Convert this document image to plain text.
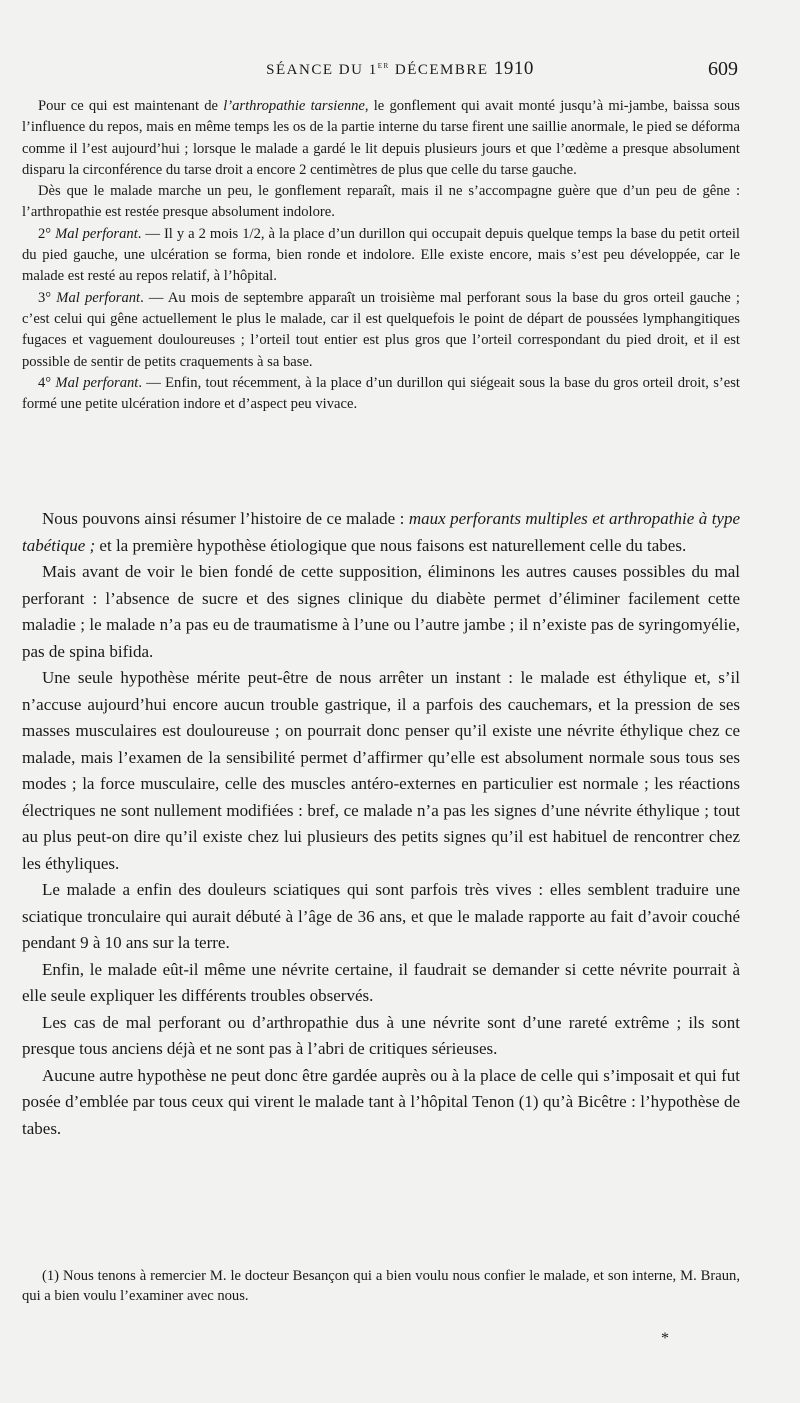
SÉANCE DU 1er DÉCEMBRE 1910	609

Pour ce qui est maintenant de l’arthropathie tarsienne, le gonflement qui avait monté jusqu’à mi-jambe, baissa sous l’influence du repos, mais en même temps les os de la partie interne du tarse firent une saillie anormale, le pied se déforma comme il l’est aujourd’hui ; lorsque le malade a gardé le lit depuis plusieurs jours et que l’œdème a presque absolument disparu la circonférence du tarse droit a encore 2 centimètres de plus que celle du tarse gauche.

Dès que le malade marche un peu, le gonflement reparaît, mais il ne s’accompagne guère que d’un peu de gêne : l’arthropathie est restée presque absolument indolore.

2° Mal perforant. — Il y a 2 mois 1/2, à la place d’un durillon qui occupait depuis quelque temps la base du petit orteil du pied gauche, une ulcération se forma, bien ronde et indolore. Elle existe encore, mais s’est peu développée, car le malade est resté au repos relatif, à l’hôpital.

3° Mal perforant. — Au mois de septembre apparaît un troisième mal perforant sous la base du gros orteil gauche ; c’est celui qui gêne actuellement le plus le malade, car il est quelquefois le point de départ de poussées lymphangitiques fugaces et vaguement douloureuses ; l’orteil tout entier est plus gros que l’orteil correspondant du pied droit, et il est possible de sentir de petits craquements à sa base.

4° Mal perforant. — Enfin, tout récemment, à la place d’un durillon qui siégeait sous la base du gros orteil droit, s’est formé une petite ulcération indore et d’aspect peu vivace.

Nous pouvons ainsi résumer l’histoire de ce malade : maux perforants multiples et arthropathie à type tabétique ; et la première hypothèse étiologique que nous faisons est naturellement celle du tabes.

Mais avant de voir le bien fondé de cette supposition, éliminons les autres causes possibles du mal perforant : l’absence de sucre et des signes clinique du diabète permet d’éliminer facilement cette maladie ; le malade n’a pas eu de traumatisme à l’une ou l’autre jambe ; il n’existe pas de syringomyélie, pas de spina bifida.

Une seule hypothèse mérite peut-être de nous arrêter un instant : le malade est éthylique et, s’il n’accuse aujourd’hui encore aucun trouble gastrique, il a parfois des cauchemars, et la pression de ses masses musculaires est douloureuse ; on pourrait donc penser qu’il existe une névrite éthylique chez ce malade, mais l’examen de la sensibilité permet d’affirmer qu’elle est absolument normale sous tous ses modes ; la force musculaire, celle des muscles antéro-externes en particulier est normale ; les réactions électriques ne sont nullement modifiées : bref, ce malade n’a pas les signes d’une névrite éthylique ; tout au plus peut-on dire qu’il existe chez lui plusieurs des petits signes qu’il est habituel de rencontrer chez les éthyliques.

Le malade a enfin des douleurs sciatiques qui sont parfois très vives : elles semblent traduire une sciatique tronculaire qui aurait débuté à l’âge de 36 ans, et que le malade rapporte au fait d’avoir couché pendant 9 à 10 ans sur la terre.

Enfin, le malade eût-il même une névrite certaine, il faudrait se demander si cette névrite pourrait à elle seule expliquer les différents troubles observés.

Les cas de mal perforant ou d’arthropathie dus à une névrite sont d’une rareté extrême ; ils sont presque tous anciens déjà et ne sont pas à l’abri de critiques sérieuses.

Aucune autre hypothèse ne peut donc être gardée auprès ou à la place de celle qui s’imposait et qui fut posée d’emblée par tous ceux qui virent le malade tant à l’hôpital Tenon (1) qu’à Bicêtre : l’hypothèse de tabes.

(1) Nous tenons à remercier M. le docteur Besançon qui a bien voulu nous confier le malade, et son interne, M. Braun, qui a bien voulu l’examiner avec nous.

*
